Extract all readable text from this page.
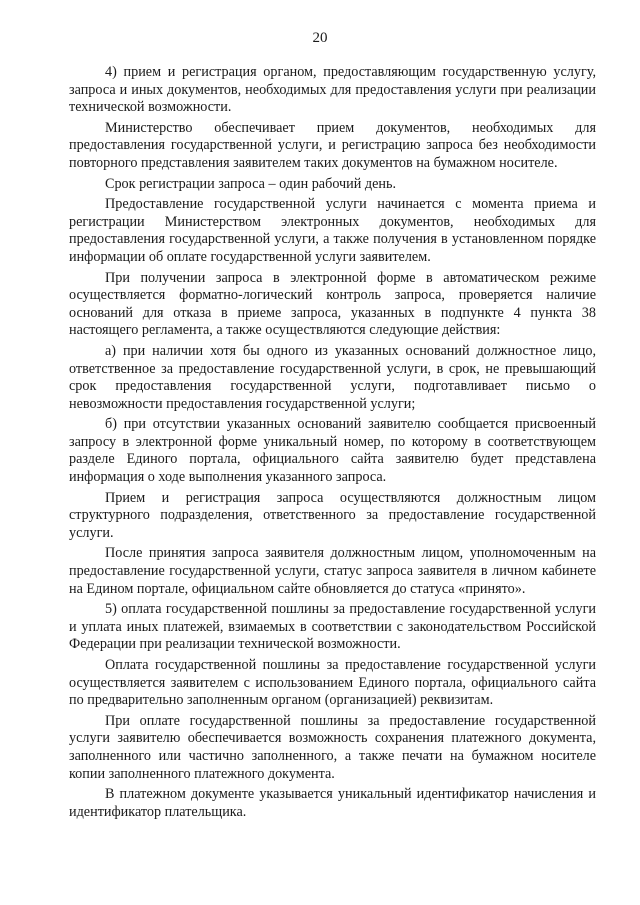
20

4) прием и регистрация органом, предоставляющим государственную услугу, запроса и иных документов, необходимых для предоставления услуги при реализации технической возможности.

Министерство обеспечивает прием документов, необходимых для предоставления государственной услуги, и регистрацию запроса без необходимости повторного представления заявителем таких документов на бумажном носителе.

Срок регистрации запроса – один рабочий день.

Предоставление государственной услуги начинается с момента приема и регистрации Министерством электронных документов, необходимых для предоставления государственной услуги, а также получения в установленном порядке информации об оплате государственной услуги заявителем.

При получении запроса в электронной форме в автоматическом режиме осуществляется форматно-логический контроль запроса, проверяется наличие оснований для отказа в приеме запроса, указанных в подпункте 4 пункта 38 настоящего регламента, а также осуществляются следующие действия:

а) при наличии хотя бы одного из указанных оснований должностное лицо, ответственное за предоставление государственной услуги, в срок, не превышающий срок предоставления государственной услуги, подготавливает письмо о невозможности предоставления государственной услуги;

б) при отсутствии указанных оснований заявителю сообщается присвоенный запросу в электронной форме уникальный номер, по которому в соответствующем разделе Единого портала, официального сайта заявителю будет представлена информация о ходе выполнения указанного запроса.

Прием и регистрация запроса осуществляются должностным лицом структурного подразделения, ответственного за предоставление государственной услуги.

После принятия запроса заявителя должностным лицом, уполномоченным на предоставление государственной услуги, статус запроса заявителя в личном кабинете на Едином портале, официальном сайте обновляется до статуса «принято».

5) оплата государственной пошлины за предоставление государственной услуги и уплата иных платежей, взимаемых в соответствии с законодательством Российской Федерации при реализации технической возможности.

Оплата государственной пошлины за предоставление государственной услуги осуществляется заявителем с использованием Единого портала, официального сайта по предварительно заполненным органом (организацией) реквизитам.

При оплате государственной пошлины за предоставление государственной услуги заявителю обеспечивается возможность сохранения платежного документа, заполненного или частично заполненного, а также печати на бумажном носителе копии заполненного платежного документа.

В платежном документе указывается уникальный идентификатор начисления и идентификатор плательщика.
